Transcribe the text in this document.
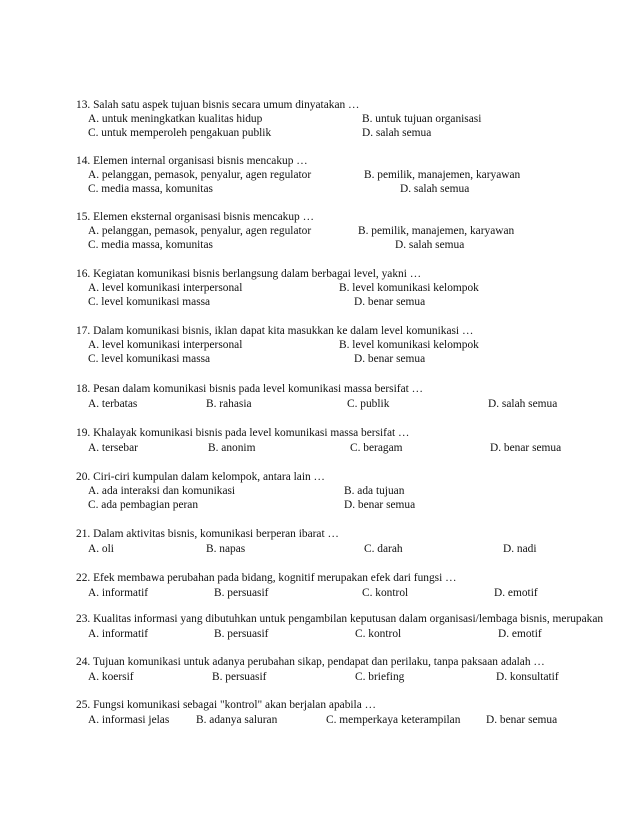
13. Salah satu aspek tujuan bisnis secara umum dinyatakan …
A. untuk meningkatkan kualitas hidup	B. untuk tujuan organisasi
C. untuk memperoleh pengakuan publik	D. salah semua
14. Elemen internal organisasi bisnis mencakup …
A. pelanggan, pemasok, penyalur, agen regulator	B. pemilik, manajemen, karyawan
C. media massa, komunitas	D. salah semua
15. Elemen eksternal organisasi bisnis mencakup …
A. pelanggan, pemasok, penyalur, agen regulator	B. pemilik, manajemen, karyawan
C. media massa, komunitas	D. salah semua
16. Kegiatan komunikasi bisnis berlangsung dalam berbagai level, yakni …
A. level komunikasi interpersonal	B. level komunikasi kelompok
C. level komunikasi massa	D. benar semua
17. Dalam komunikasi bisnis, iklan dapat kita masukkan ke dalam level komunikasi …
A. level komunikasi interpersonal	B. level komunikasi kelompok
C. level komunikasi massa	D. benar semua
18. Pesan dalam komunikasi bisnis pada level komunikasi massa bersifat …
A. terbatas	B. rahasia	C. publik	D. salah semua
19. Khalayak komunikasi bisnis pada level komunikasi massa bersifat …
A. tersebar	B. anonim	C. beragam	D. benar semua
20. Ciri-ciri kumpulan dalam kelompok, antara lain …
A. ada interaksi dan komunikasi	B. ada tujuan
C. ada pembagian peran	D. benar semua
21. Dalam aktivitas bisnis, komunikasi berperan ibarat …
A. oli	B. napas	C. darah	D. nadi
22. Efek membawa perubahan pada bidang, kognitif merupakan efek dari fungsi …
A. informatif	B. persuasif	C. kontrol	D. emotif
23. Kualitas informasi yang dibutuhkan untuk pengambilan keputusan dalam organisasi/lembaga bisnis, merupakan
A. informatif	B. persuasif	C. kontrol	D. emotif
24. Tujuan komunikasi untuk adanya perubahan sikap, pendapat dan perilaku, tanpa paksaan adalah …
A. koersif	B. persuasif	C. briefing	D. konsultatif
25. Fungsi komunikasi sebagai "kontrol" akan berjalan apabila …
A. informasi jelas B. adanya saluran	C. memperkaya keterampilan D. benar semua
